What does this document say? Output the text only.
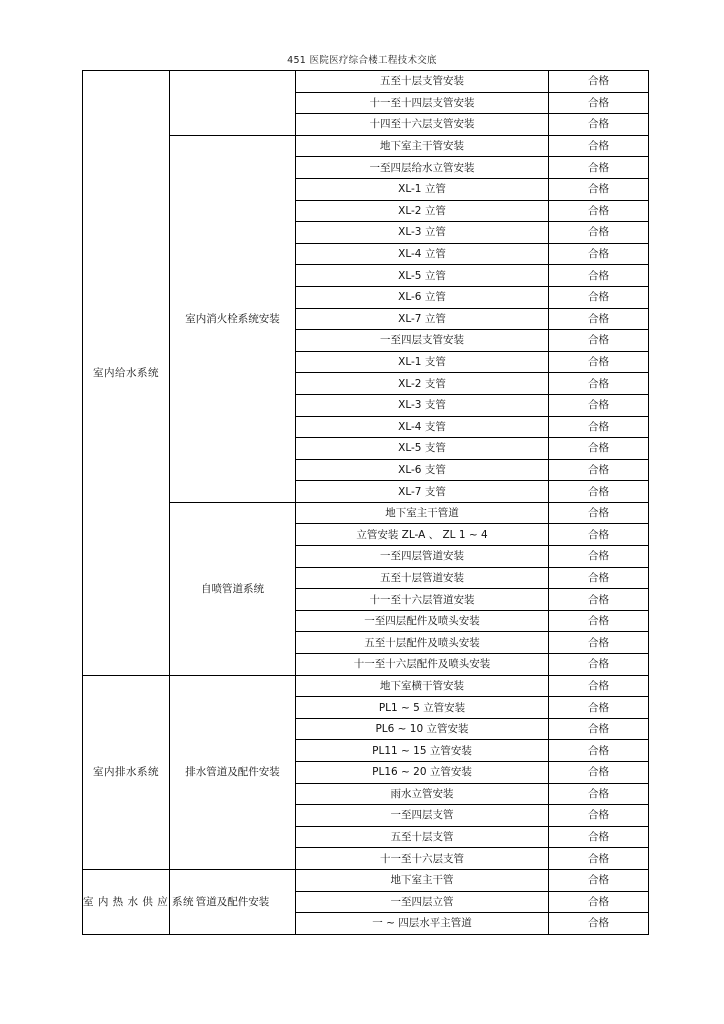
451 医院医疗综合楼工程技术交底
室内给水系统		五至十层支管安装	合格
		十一至十四层支管安装	合格
		十四至十六层支管安装	合格
	室内消火栓系统安装	地下室主干管安装	合格
		一至四层给水立管安装	合格
		XL-1 立管	合格
		XL-2 立管	合格
		XL-3 立管	合格
		XL-4 立管	合格
		XL-5 立管	合格
		XL-6 立管	合格
		XL-7 立管	合格
		一至四层支管安装	合格
		XL-1 支管	合格
		XL-2 支管	合格
		XL-3 支管	合格
		XL-4 支管	合格
		XL-5 支管	合格
		XL-6 支管	合格
		XL-7 支管	合格
	自喷管道系统	地下室主干管道	合格
		立管安装 ZL-A 、 ZL 1 ~ 4	合格
		一至四层管道安装	合格
		五至十层管道安装	合格
		十一至十六层管道安装	合格
		一至四层配件及喷头安装	合格
		五至十层配件及喷头安装	合格
		十一至十六层配件及喷头安装	合格
室内排水系统	排水管道及配件安装	地下室横干管安装	合格
		PL1 ~ 5 立管安装	合格
		PL6 ~ 10 立管安装	合格
		PL11 ~ 15 立管安装	合格
		PL16 ~ 20 立管安装	合格
		雨水立管安装	合格
		一至四层支管	合格
		五至十层支管	合格
		十一至十六层支管	合格
室 内 热 水 供 应 系统	管道及配件安装	地下室主干管	合格
		一至四层立管	合格
		一 ~ 四层水平主管道	合格
